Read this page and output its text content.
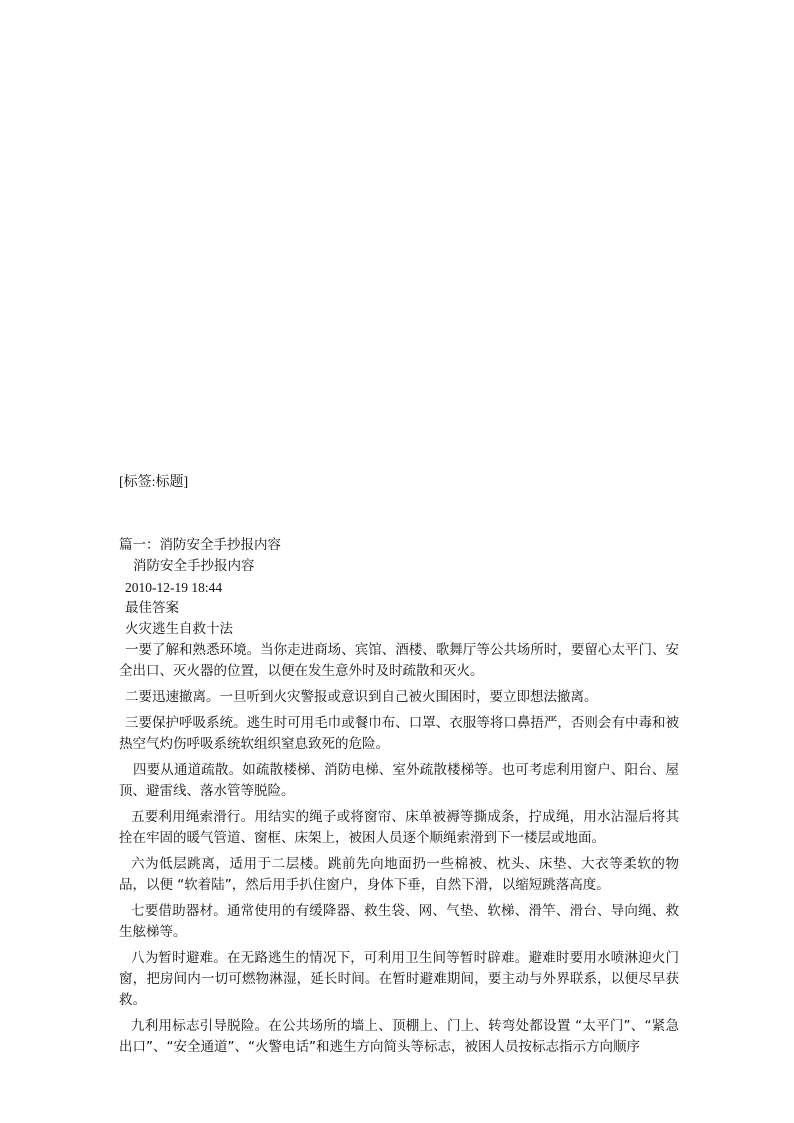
[标签:标题]

篇一：消防安全手抄报内容

消防安全手抄报内容

2010-12-19 18:44

最佳答案

火灾逃生自救十法

一要了解和熟悉环境。当你走进商场、宾馆、酒楼、歌舞厅等公共场所时，要留心太平门、安全出口、灭火器的位置，以便在发生意外时及时疏散和灭火。

二要迅速撤离。一旦听到火灾警报或意识到自己被火围困时，要立即想法撤离。

三要保护呼吸系统。逃生时可用毛巾或餐巾布、口罩、衣服等将口鼻捂严，否则会有中毒和被热空气灼伤呼吸系统软组织窒息致死的危险。

四要从通道疏散。如疏散楼梯、消防电梯、室外疏散楼梯等。也可考虑利用窗户、阳台、屋顶、避雷线、落水管等脱险。

五要利用绳索滑行。用结实的绳子或将窗帘、床单被褥等撕成条，拧成绳，用水沾湿后将其拴在牢固的暖气管道、窗框、床架上，被困人员逐个顺绳索滑到下一楼层或地面。

六为低层跳离，适用于二层楼。跳前先向地面扔一些棉被、枕头、床垫、大衣等柔软的物品，以便 “软着陆”，然后用手扒住窗户，身体下垂，自然下滑，以缩短跳落高度。

七要借助器材。通常使用的有缓降器、救生袋、网、气垫、软梯、滑竿、滑台、导向绳、救生舷梯等。

八为暂时避难。在无路逃生的情况下，可利用卫生间等暂时辟难。避难时要用水喷淋迎火门窗，把房间内一切可燃物淋湿，延长时间。在暂时避难期间，要主动与外界联系，以便尽早获救。

九利用标志引导脱险。在公共场所的墙上、顶棚上、门上、转弯处都设置 “太平门”、“紧急出口”、“安全通道”、“火警电话”和逃生方向简头等标志，被困人员按标志指示方向顺序
